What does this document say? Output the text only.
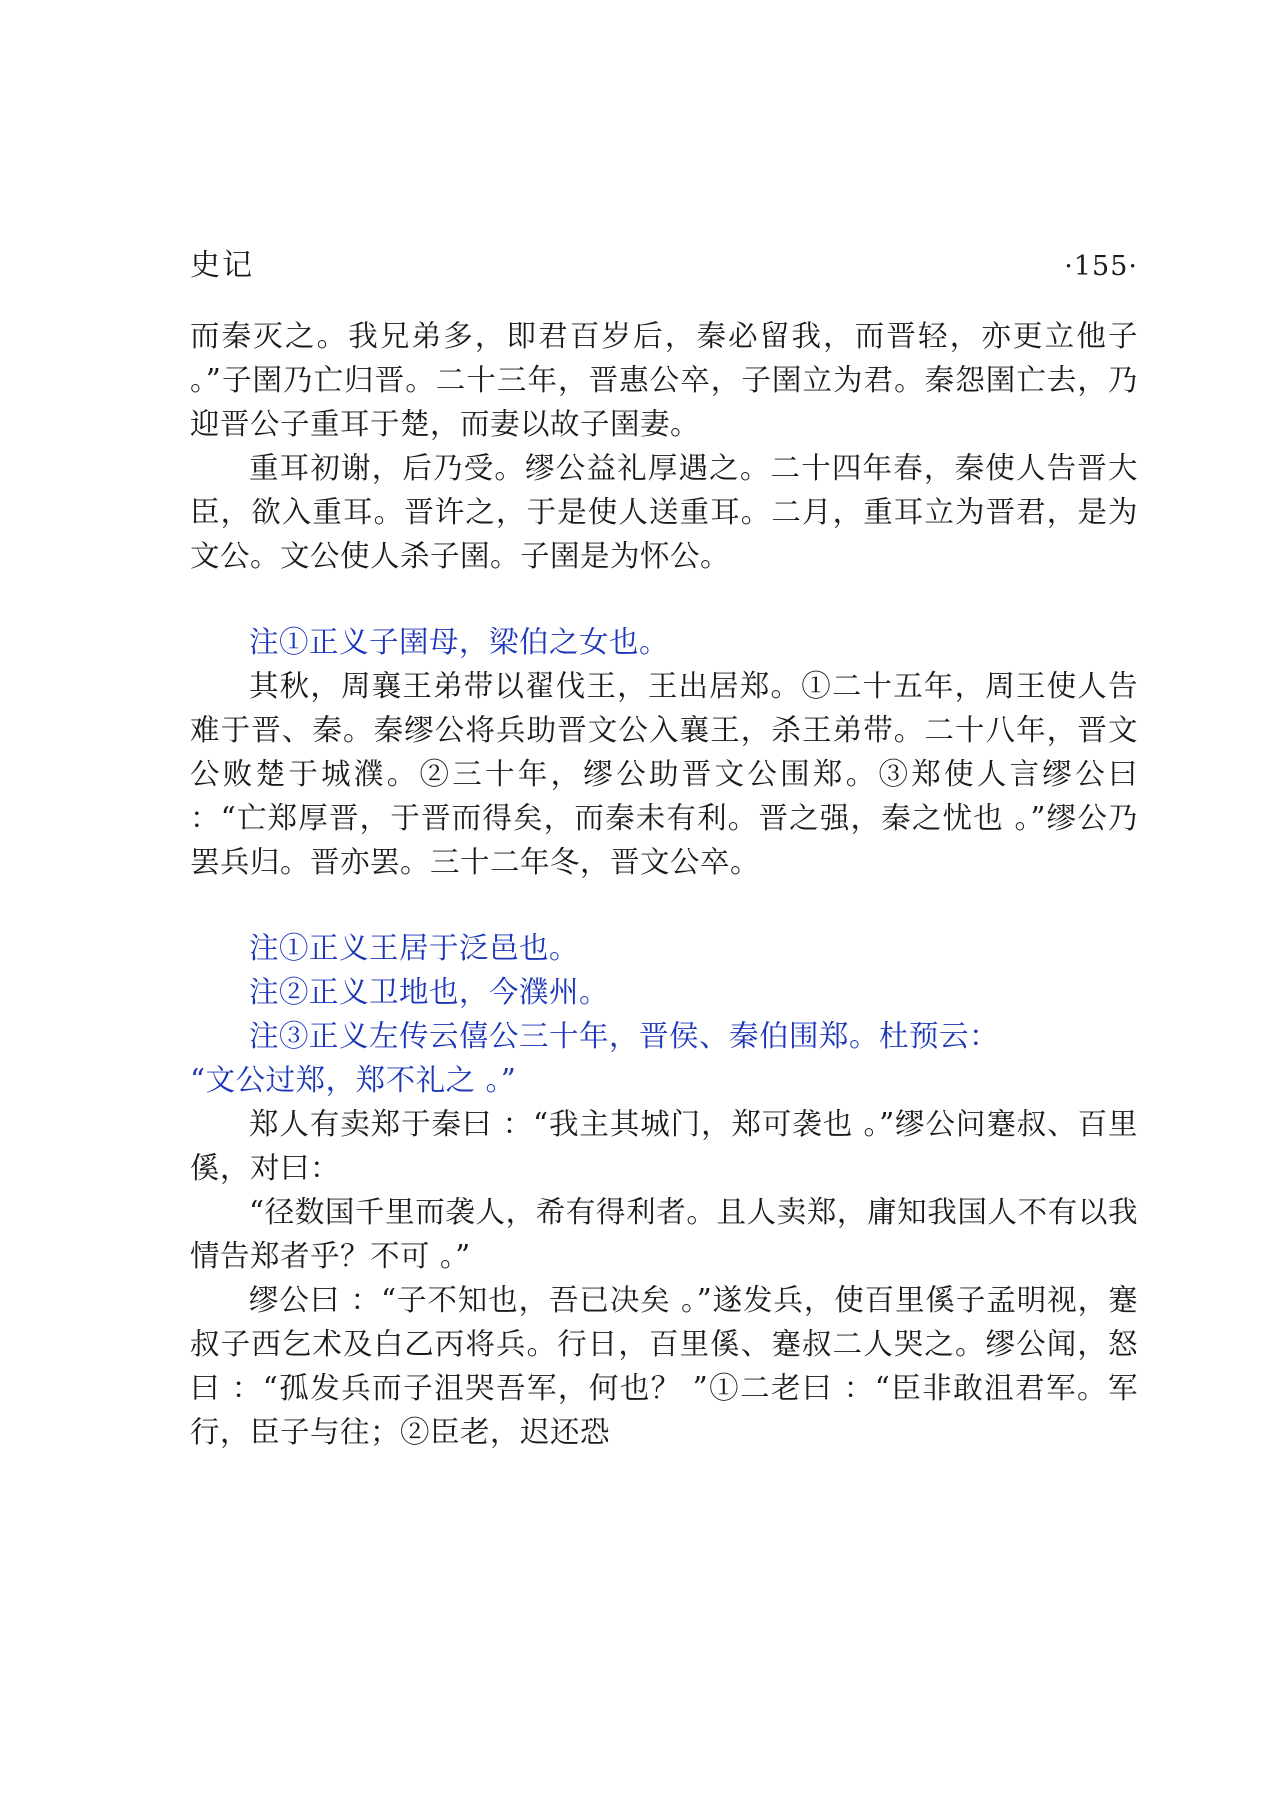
史记	·155·

而秦灭之。我兄弟多，即君百岁后，秦必留我，而晋轻，亦更立他子 。”子圉乃亡归晋。二十三年，晋惠公卒，子圉立为君。秦怨圉亡去，乃迎晋公子重耳于楚，而妻以故子圉妻。

重耳初谢，后乃受。缪公益礼厚遇之。二十四年春，秦使人告晋大臣，欲入重耳。晋许之，于是使人送重耳。二月，重耳立为晋君，是为文公。文公使人杀子圉。子圉是为怀公。

注①正义子圉母，梁伯之女也。

其秋，周襄王弟带以翟伐王，王出居郑。①二十五年，周王使人告难于晋、秦。秦缪公将兵助晋文公入襄王，杀王弟带。二十八年，晋文公败楚于城濮。②三十年，缪公助晋文公围郑。③郑使人言缪公曰 ：“亡郑厚晋，于晋而得矣，而秦未有利。晋之强，秦之忧也 。”缪公乃罢兵归。晋亦罢。三十二年冬，晋文公卒。

注①正义王居于泛邑也。

注②正义卫地也，今濮州。

注③正义左传云僖公三十年，晋侯、秦伯围郑。杜预云：

“文公过郑，郑不礼之 。”

郑人有卖郑于秦曰 ：“我主其城门，郑可袭也 。”缪公问蹇叔、百里傒，对曰：

“径数国千里而袭人，希有得利者。且人卖郑，庸知我国人不有以我情告郑者乎？不可 。”

缪公曰 ：“子不知也，吾已决矣 。”遂发兵，使百里傒子孟明视，蹇叔子西乞术及白乙丙将兵。行日，百里傒、蹇叔二人哭之。缪公闻，怒曰 ：“孤发兵而子沮哭吾军，何也？ ”①二老曰 ：“臣非敢沮君军。军行，臣子与往；②臣老，迟还恐
